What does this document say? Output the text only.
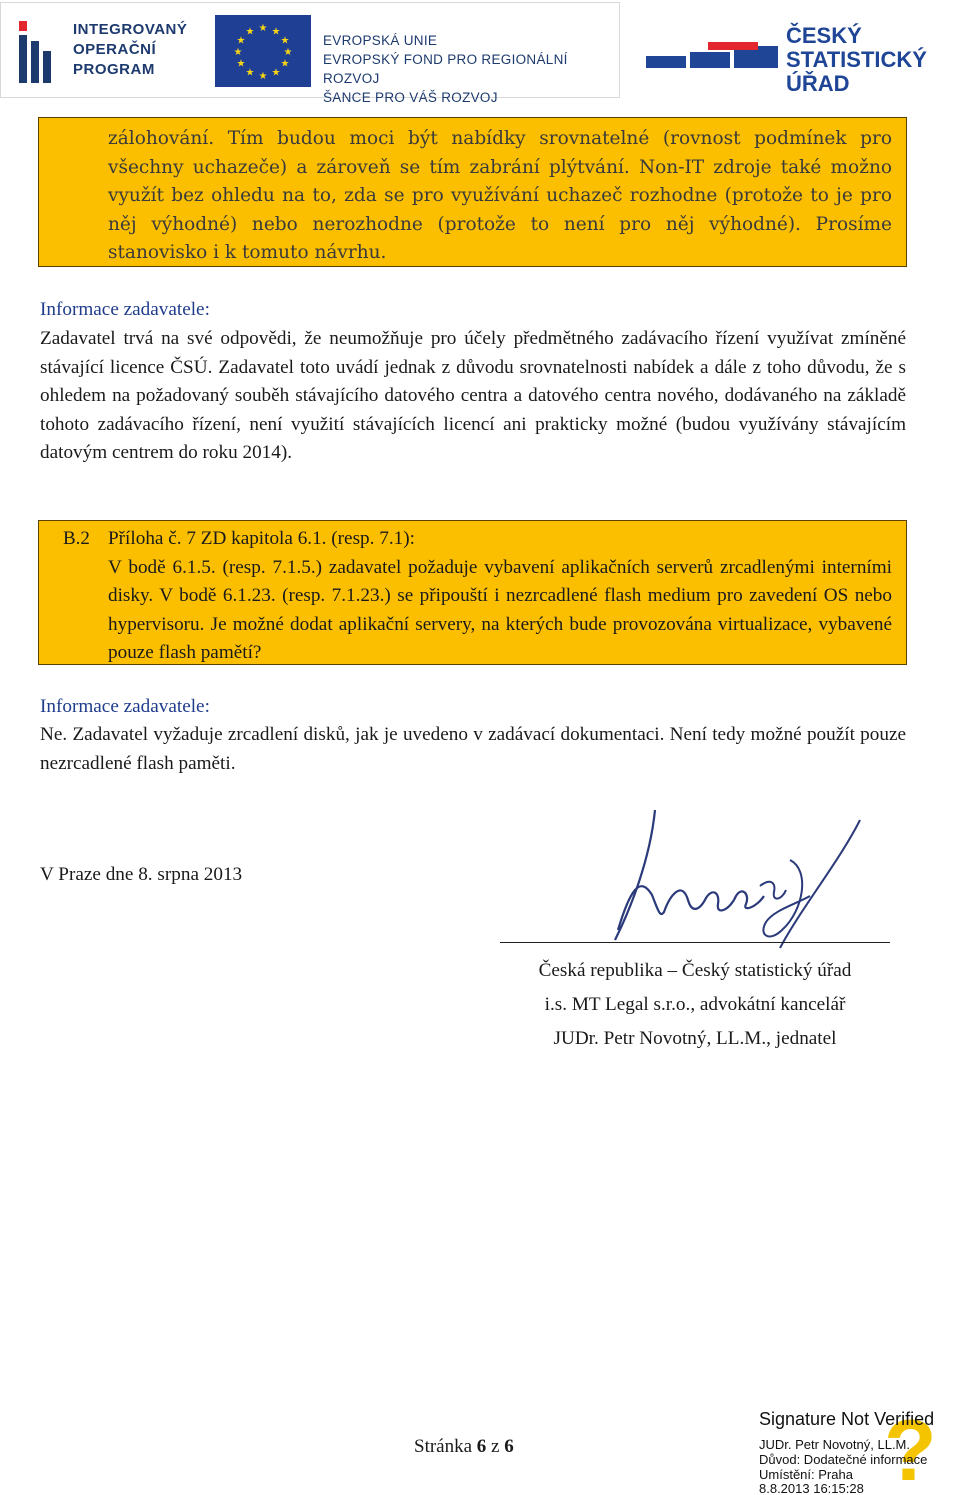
INTEGROVANÝ
OPERAČNÍ
PROGRAM
★ ★
★
★
★
★
★
★
★
★
★
★
EVROPSKÁ UNIE
EVROPSKÝ FOND PRO REGIONÁLNÍ ROZVOJ
ŠANCE PRO VÁŠ ROZVOJ
ČESKÝ
STATISTICKÝ
ÚŘAD

zálohování. Tím budou moci být nabídky srovnatelné (rovnost podmínek pro všechny uchazeče) a zároveň se tím zabrání plýtvání. Non-IT zdroje také možno využít bez ohledu na to, zda se pro využívání uchazeč rozhodne (protože to je pro něj výhodné) nebo nerozhodne (protože to není pro něj výhodné). Prosíme stanovisko i k tomuto návrhu.

Informace zadavatele:
Zadavatel trvá na své odpovědi, že neumožňuje pro účely předmětného zadávacího řízení využívat zmíněné stávající licence ČSÚ. Zadavatel toto uvádí jednak z důvodu srovnatelnosti nabídek a dále z toho důvodu, že s ohledem na požadovaný souběh stávajícího datového centra a datového centra nového, dodávaného na základě tohoto zadávacího řízení, není využití stávajících licencí ani prakticky možné (budou využívány stávajícím datovým centrem do roku 2014).
B.2 Příloha č. 7 ZD kapitola 6.1. (resp. 7.1):
V bodě 6.1.5. (resp. 7.1.5.) zadavatel požaduje vybavení aplikačních serverů zrcadlenými interními disky. V bodě 6.1.23. (resp. 7.1.23.) se připouští i nezrcadlené flash medium pro zavedení OS nebo hypervisoru. Je možné dodat aplikační servery, na kterých bude provozována virtualizace, vybavené pouze flash pamětí?
Informace zadavatele:
Ne. Zadavatel vyžaduje zrcadlení disků, jak je uvedeno v zadávací dokumentaci. Není tedy možné použít pouze nezrcadlené flash paměti.
V Praze dne 8. srpna 2013
Česká republika – Český statistický úřad
i.s. MT Legal s.r.o., advokátní kancelář
JUDr. Petr Novotný, LL.M., jednatel
Stránka 6 z 6	?
Signature Not Verified
JUDr. Petr Novotný, LL.M.
Důvod: Dodatečné informace
Umístění: Praha
8.8.2013 16:15:28
